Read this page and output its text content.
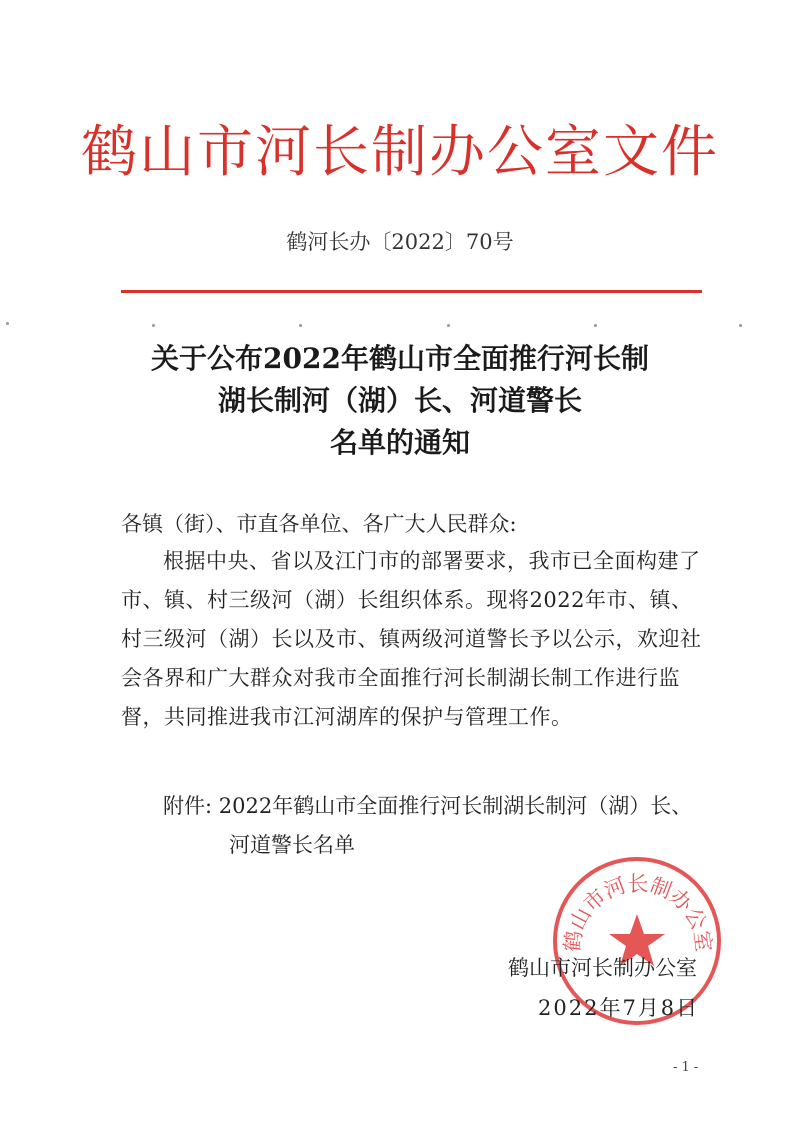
鹤山市河长制办公室文件
鹤河长办〔2022〕70号
关于公布2022年鹤山市全面推行河长制
湖长制河（湖）长、河道警长
名单的通知
各镇（街）、市直各单位、各广大人民群众:
根据中央、省以及江门市的部署要求，我市已全面构建了市、镇、村三级河（湖）长组织体系。现将2022年市、镇、村三级河（湖）长以及市、镇两级河道警长予以公示，欢迎社会各界和广大群众对我市全面推行河长制湖长制工作进行监督，共同推进我市江河湖库的保护与管理工作。
附件: 2022年鹤山市全面推行河长制湖长制河（湖）长、
河道警长名单
鹤山市河长制办公室
鹤山市河长制办公室
2022年7月8日
- 1 -
